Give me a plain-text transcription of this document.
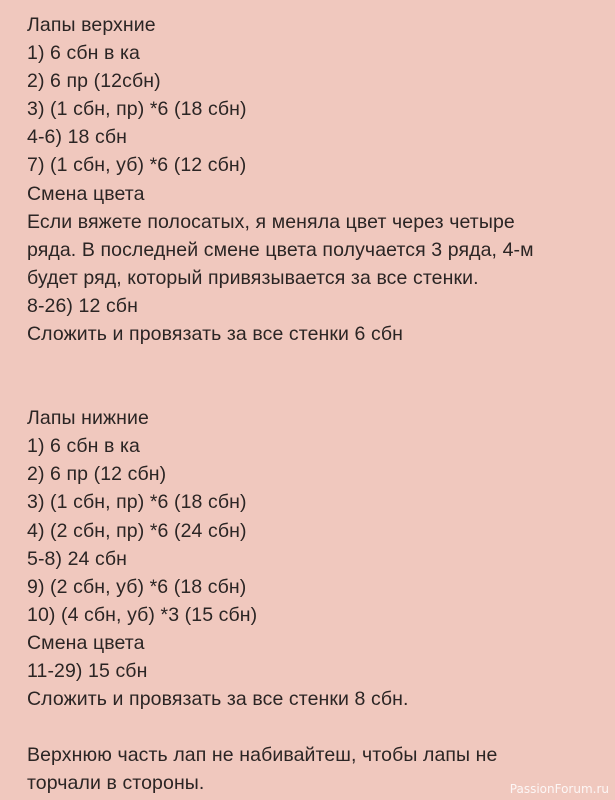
Лапы верхние
1) 6 сбн в ка
2) 6 пр (12сбн)
3) (1 сбн, пр) *6 (18 сбн)
4-6) 18 сбн
7) (1 сбн, уб) *6 (12 сбн)
Смена цвета
Если вяжете полосатых, я меняла цвет через четыре
ряда. В последней смене цвета получается 3 ряда, 4-м
будет ряд, который привязывается за все стенки.
8-26) 12 сбн
Сложить и провязать за все стенки 6 сбн
Лапы нижние
1) 6 сбн в ка
2) 6 пр (12 сбн)
3) (1 сбн, пр) *6 (18 сбн)
4) (2 сбн, пр) *6 (24 сбн)
5-8) 24 сбн
9) (2 сбн, уб) *6 (18 сбн)
10) (4 сбн, уб) *3 (15 сбн)
Смена цвета
11-29) 15 сбн
Сложить и провязать за все стенки 8 сбн.
Верхнюю часть лап не набивайтеш, чтобы лапы не
торчали в стороны.	PassionForum.ru
